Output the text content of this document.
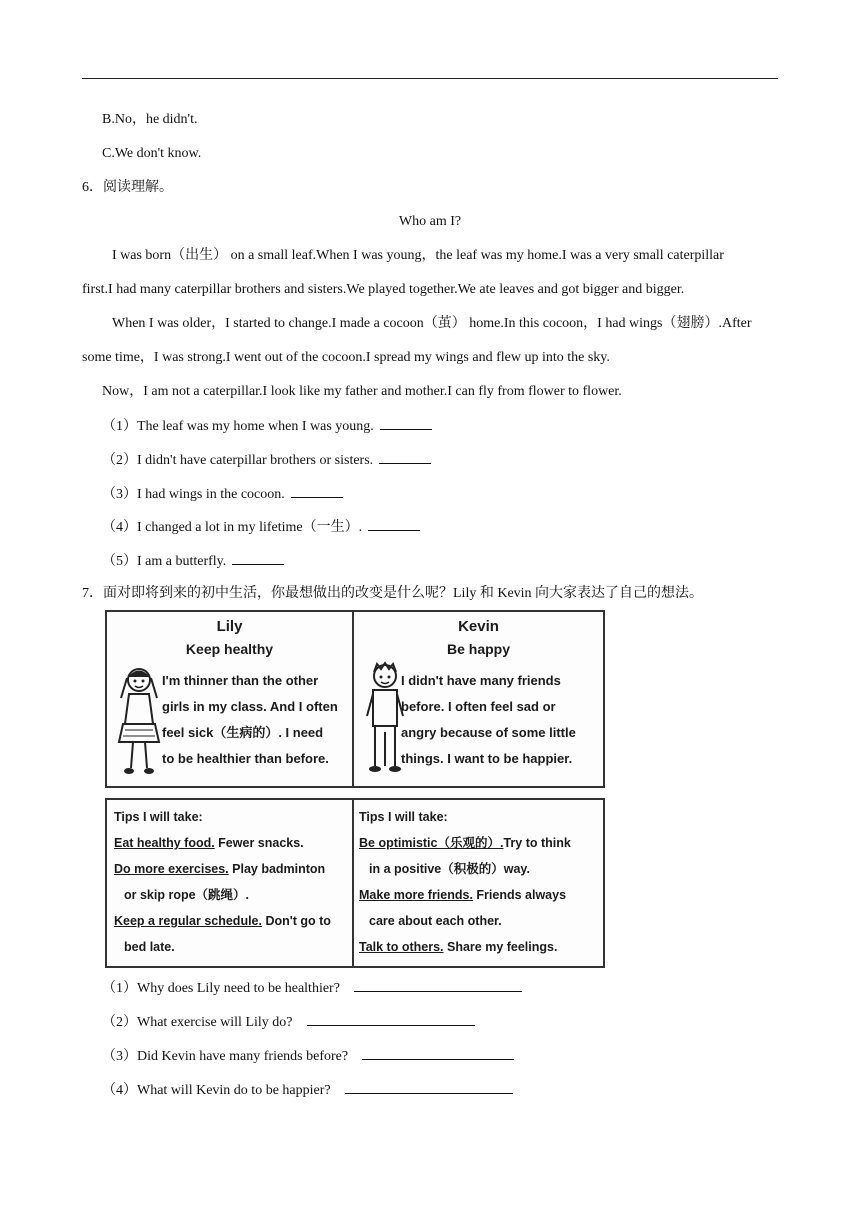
B.No，he didn't.
C.We don't know.
6．阅读理解。
Who am I?
I was born（出生） on a small leaf.When I was young，the leaf was my home.I was a very small caterpillar
first.I had many caterpillar brothers and sisters.We played together.We ate leaves and got bigger and bigger.
When I was older，I started to change.I made a cocoon（茧） home.In this cocoon，I had wings（翅膀）.After
some time，I was strong.I went out of the cocoon.I spread my wings and flew up into the sky.
Now，I am not a caterpillar.I look like my father and mother.I can fly from flower to flower.
（1）The leaf was my home when I was young.
（2）I didn't have caterpillar brothers or sisters.
（3）I had wings in the cocoon.
（4）I changed a lot in my lifetime（一生）.
（5）I am a butterfly.
7．面对即将到来的初中生活，你最想做出的改变是什么呢？Lily 和 Kevin 向大家表达了自己的想法。
Lily
Keep healthy
I'm thinner than the other
girls in my class. And I often
feel sick（生病的）. I need
to be healthier than before.
Kevin
Be happy
I didn't have many friends
before. I often feel sad or
angry because of some little
things. I want to be happier.
Tips I will take:
Eat healthy food. Fewer snacks.
Do more exercises. Play badminton
or skip rope（跳绳）.
Keep a regular schedule. Don't go to
bed late.
Tips I will take:
Be optimistic（乐观的）.Try to think
in a positive（积极的）way.
Make more friends. Friends always
care about each other.
Talk to others. Share my feelings.
（1）Why does Lily need to be healthier?
（2）What exercise will Lily do?
（3）Did Kevin have many friends before?
（4）What will Kevin do to be happier?
